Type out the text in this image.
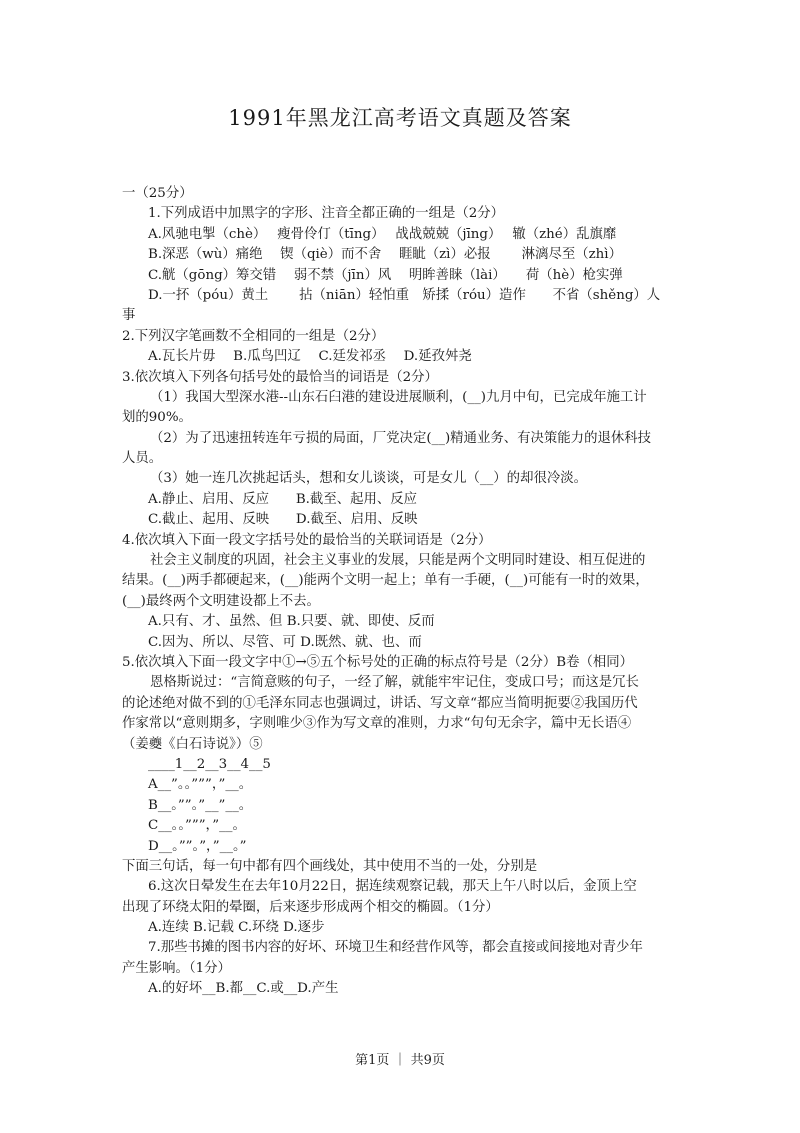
1991年黑龙江高考语文真题及答案
一（25分）
1.下列成语中加黑字的字形、注音全都正确的一组是（2分）
A.风驰电掣（chè）　 瘦骨伶仃（tīng）　 战战兢兢（jīng）　 辙（zhé）乱旗靡
B.深恶（wù）痛绝　 锲（qiè）而不舍　 睚眦（zì）必报　　 淋漓尽至（zhì）
C.觥（gōng）筹交错　 弱不禁（jīn）风　 明眸善睐（lài）　　荷（hè）枪实弹
D.一抔（póu）黄土　　 拈（niān）轻怕重　矫揉（róu）造作　　不省（shěng）人
事
2.下列汉字笔画数不全相同的一组是（2分）
A.瓦长片毋　 B.瓜鸟凹辽　 C.廷发祁丞　 D.延孜舛尧
3.依次填入下列各句括号处的最恰当的词语是（2分）
（1）我国大型深水港--山东石臼港的建设进展顺利，(__)九月中旬，已完成年施工计
划的90%。
（2）为了迅速扭转连年亏损的局面，厂党决定(__)精通业务、有决策能力的退休科技
人员。
（3）她一连几次挑起话头，想和女儿谈谈，可是女儿（__）的却很冷淡。
A.静止、启用、反应　　B.截至、起用、反应
C.截止、起用、反映　　D.截至、启用、反映
4.依次填入下面一段文字括号处的最恰当的关联词语是（2分）
社会主义制度的巩固，社会主义事业的发展，只能是两个文明同时建设、相互促进的
结果。(__)两手都硬起来，(__)能两个文明一起上；单有一手硬，(__)可能有一时的效果，
(__)最终两个文明建设都上不去。
A.只有、才、虽然、但 B.只要、就、即使、反而
C.因为、所以、尽管、可 D.既然、就、也、而
5.依次填入下面一段文字中①→⑤五个标号处的正确的标点符号是（2分）B卷（相同）
恩格斯说过：“言简意赅的句子，一经了解，就能牢牢记住，变成口号；而这是冗长
的论述绝对做不到的①毛泽东同志也强调过，讲话、写文章“都应当简明扼要②我国历代
作家常以“意则期多，字则唯少③作为写文章的准则，力求“句句无余字，篇中无长语④
（姜夔《白石诗说》）⑤
____1__2__3__4__5
A__”。。”””，”__。
B__。””。”__”__。
C__。。”””，”__。
D__。””。”，”__。”
下面三句话，每一句中都有四个画线处，其中使用不当的一处，分别是
6.这次日晕发生在去年10月22日，据连续观察记载，那天上午八时以后，金顶上空
出现了环绕太阳的晕圈，后来逐步形成两个相交的椭圆。（1分）
A.连续 B.记载 C.环绕 D.逐步
7.那些书摊的图书内容的好坏、环境卫生和经营作风等，都会直接或间接地对青少年
产生影响。（1分）
A.的好坏__B.都__C.或__D.产生
第1页 ｜ 共9页
